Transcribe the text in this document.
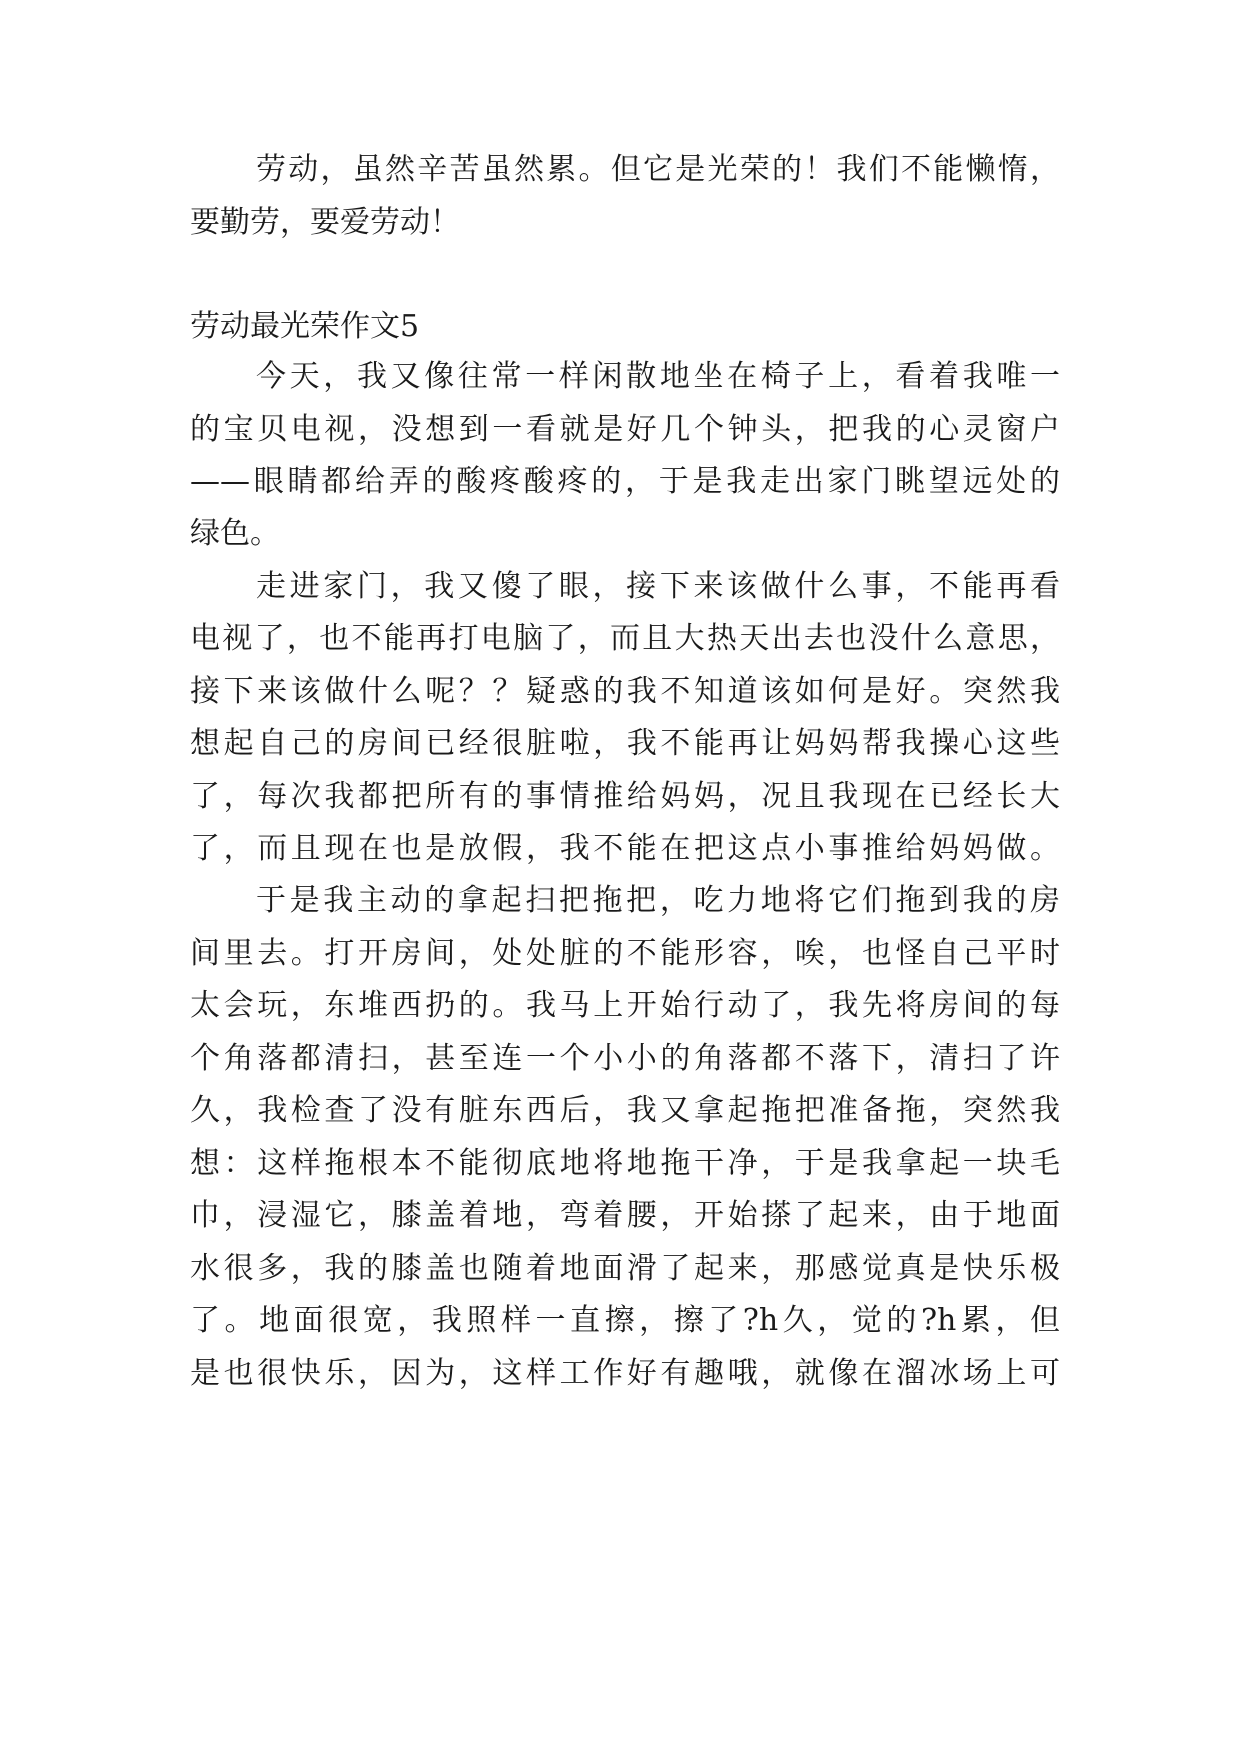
劳动，虽然辛苦虽然累。但它是光荣的！我们不能懒惰，
要勤劳，要爱劳动！
劳动最光荣作文5
今天，我又像往常一样闲散地坐在椅子上，看着我唯一
的宝贝电视，没想到一看就是好几个钟头，把我的心灵窗户
——眼睛都给弄的酸疼酸疼的，于是我走出家门眺望远处的
绿色。
走进家门，我又傻了眼，接下来该做什么事，不能再看
电视了，也不能再打电脑了，而且大热天出去也没什么意思，
接下来该做什么呢？？疑惑的我不知道该如何是好。突然我
想起自己的房间已经很脏啦，我不能再让妈妈帮我操心这些
了，每次我都把所有的事情推给妈妈，况且我现在已经长大
了，而且现在也是放假，我不能在把这点小事推给妈妈做。
于是我主动的拿起扫把拖把，吃力地将它们拖到我的房
间里去。打开房间，处处脏的不能形容，唉，也怪自己平时
太会玩，东堆西扔的。我马上开始行动了，我先将房间的每
个角落都清扫，甚至连一个小小的角落都不落下，清扫了许
久，我检查了没有脏东西后，我又拿起拖把准备拖，突然我
想：这样拖根本不能彻底地将地拖干净，于是我拿起一块毛
巾，浸湿它，膝盖着地，弯着腰，开始搽了起来，由于地面
水很多，我的膝盖也随着地面滑了起来，那感觉真是快乐极
了。地面很宽，我照样一直擦，擦了?h久，觉的?h累，但
是也很快乐，因为，这样工作好有趣哦，就像在溜冰场上可
